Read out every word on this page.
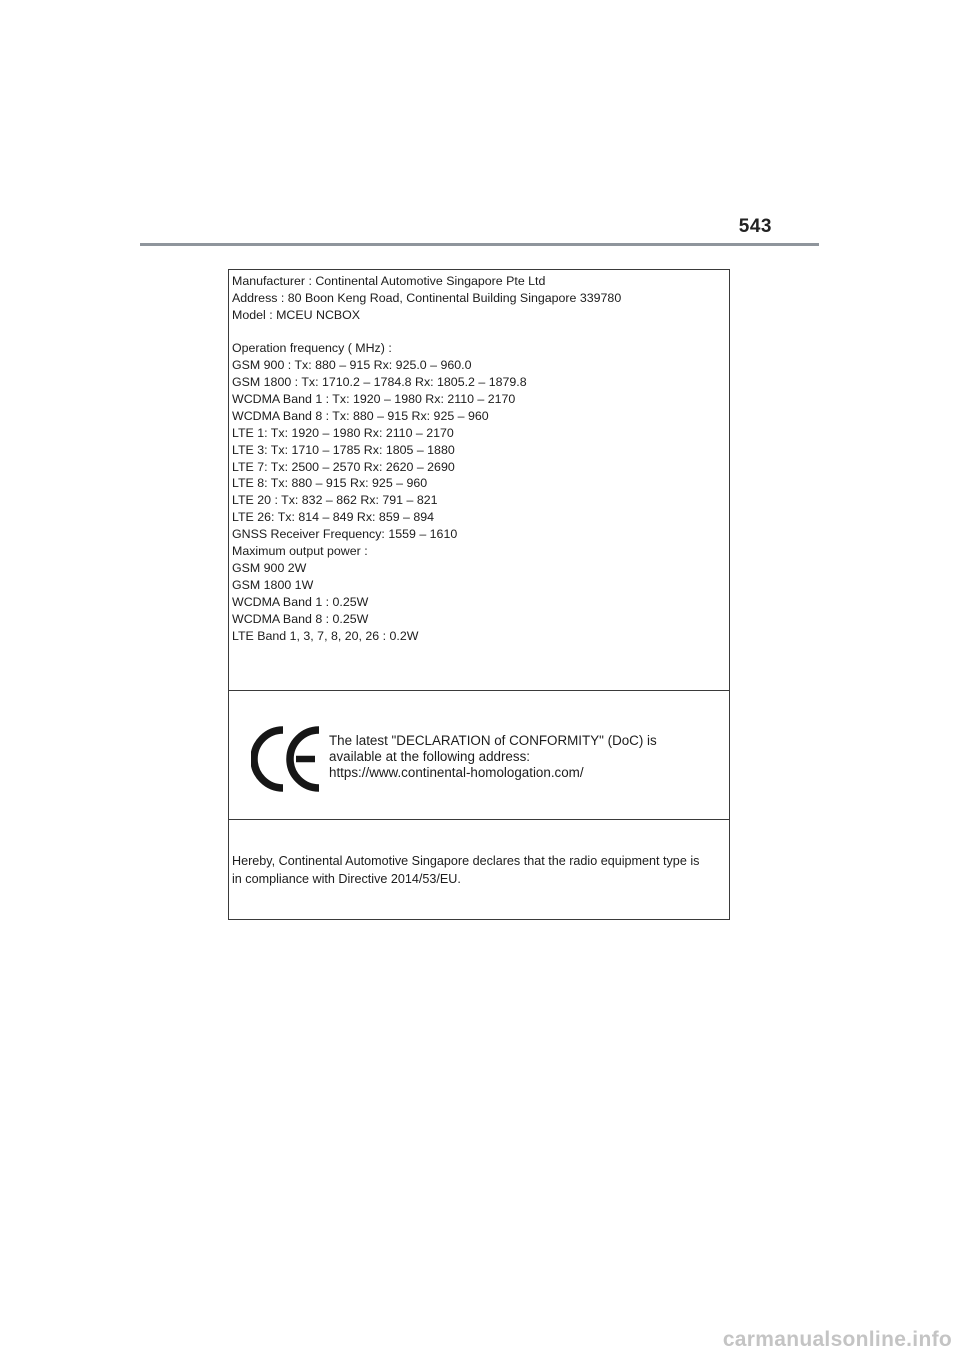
543
Manufacturer : Continental Automotive Singapore Pte Ltd
Address : 80 Boon Keng Road, Continental Building Singapore 339780
Model : MCEU NCBOX
Operation frequency ( MHz) :
GSM 900 : Tx: 880 – 915 Rx: 925.0 – 960.0
GSM 1800 : Tx: 1710.2 – 1784.8 Rx: 1805.2 – 1879.8
WCDMA Band 1 : Tx: 1920 – 1980 Rx: 2110 – 2170
WCDMA Band 8 : Tx: 880 – 915 Rx: 925 – 960
LTE 1: Tx: 1920 – 1980 Rx: 2110 – 2170
LTE 3: Tx: 1710 – 1785 Rx: 1805 – 1880
LTE 7: Tx: 2500 – 2570 Rx: 2620 – 2690
LTE 8: Tx: 880 – 915 Rx: 925 – 960
LTE 20 : Tx: 832 – 862 Rx: 791 – 821
LTE 26: Tx: 814 – 849 Rx: 859 – 894
GNSS Receiver Frequency: 1559 – 1610
Maximum output power :
GSM 900 2W
GSM 1800 1W
WCDMA Band 1 : 0.25W
WCDMA Band 8 : 0.25W
LTE Band 1, 3, 7, 8, 20, 26 : 0.2W
The latest "DECLARATION of CONFORMITY" (DoC) is
available at the following address:
https://www.continental-homologation.com/
Hereby, Continental Automotive Singapore declares that the radio equipment type is
in compliance with Directive 2014/53/EU.
carmanualsonline.info
